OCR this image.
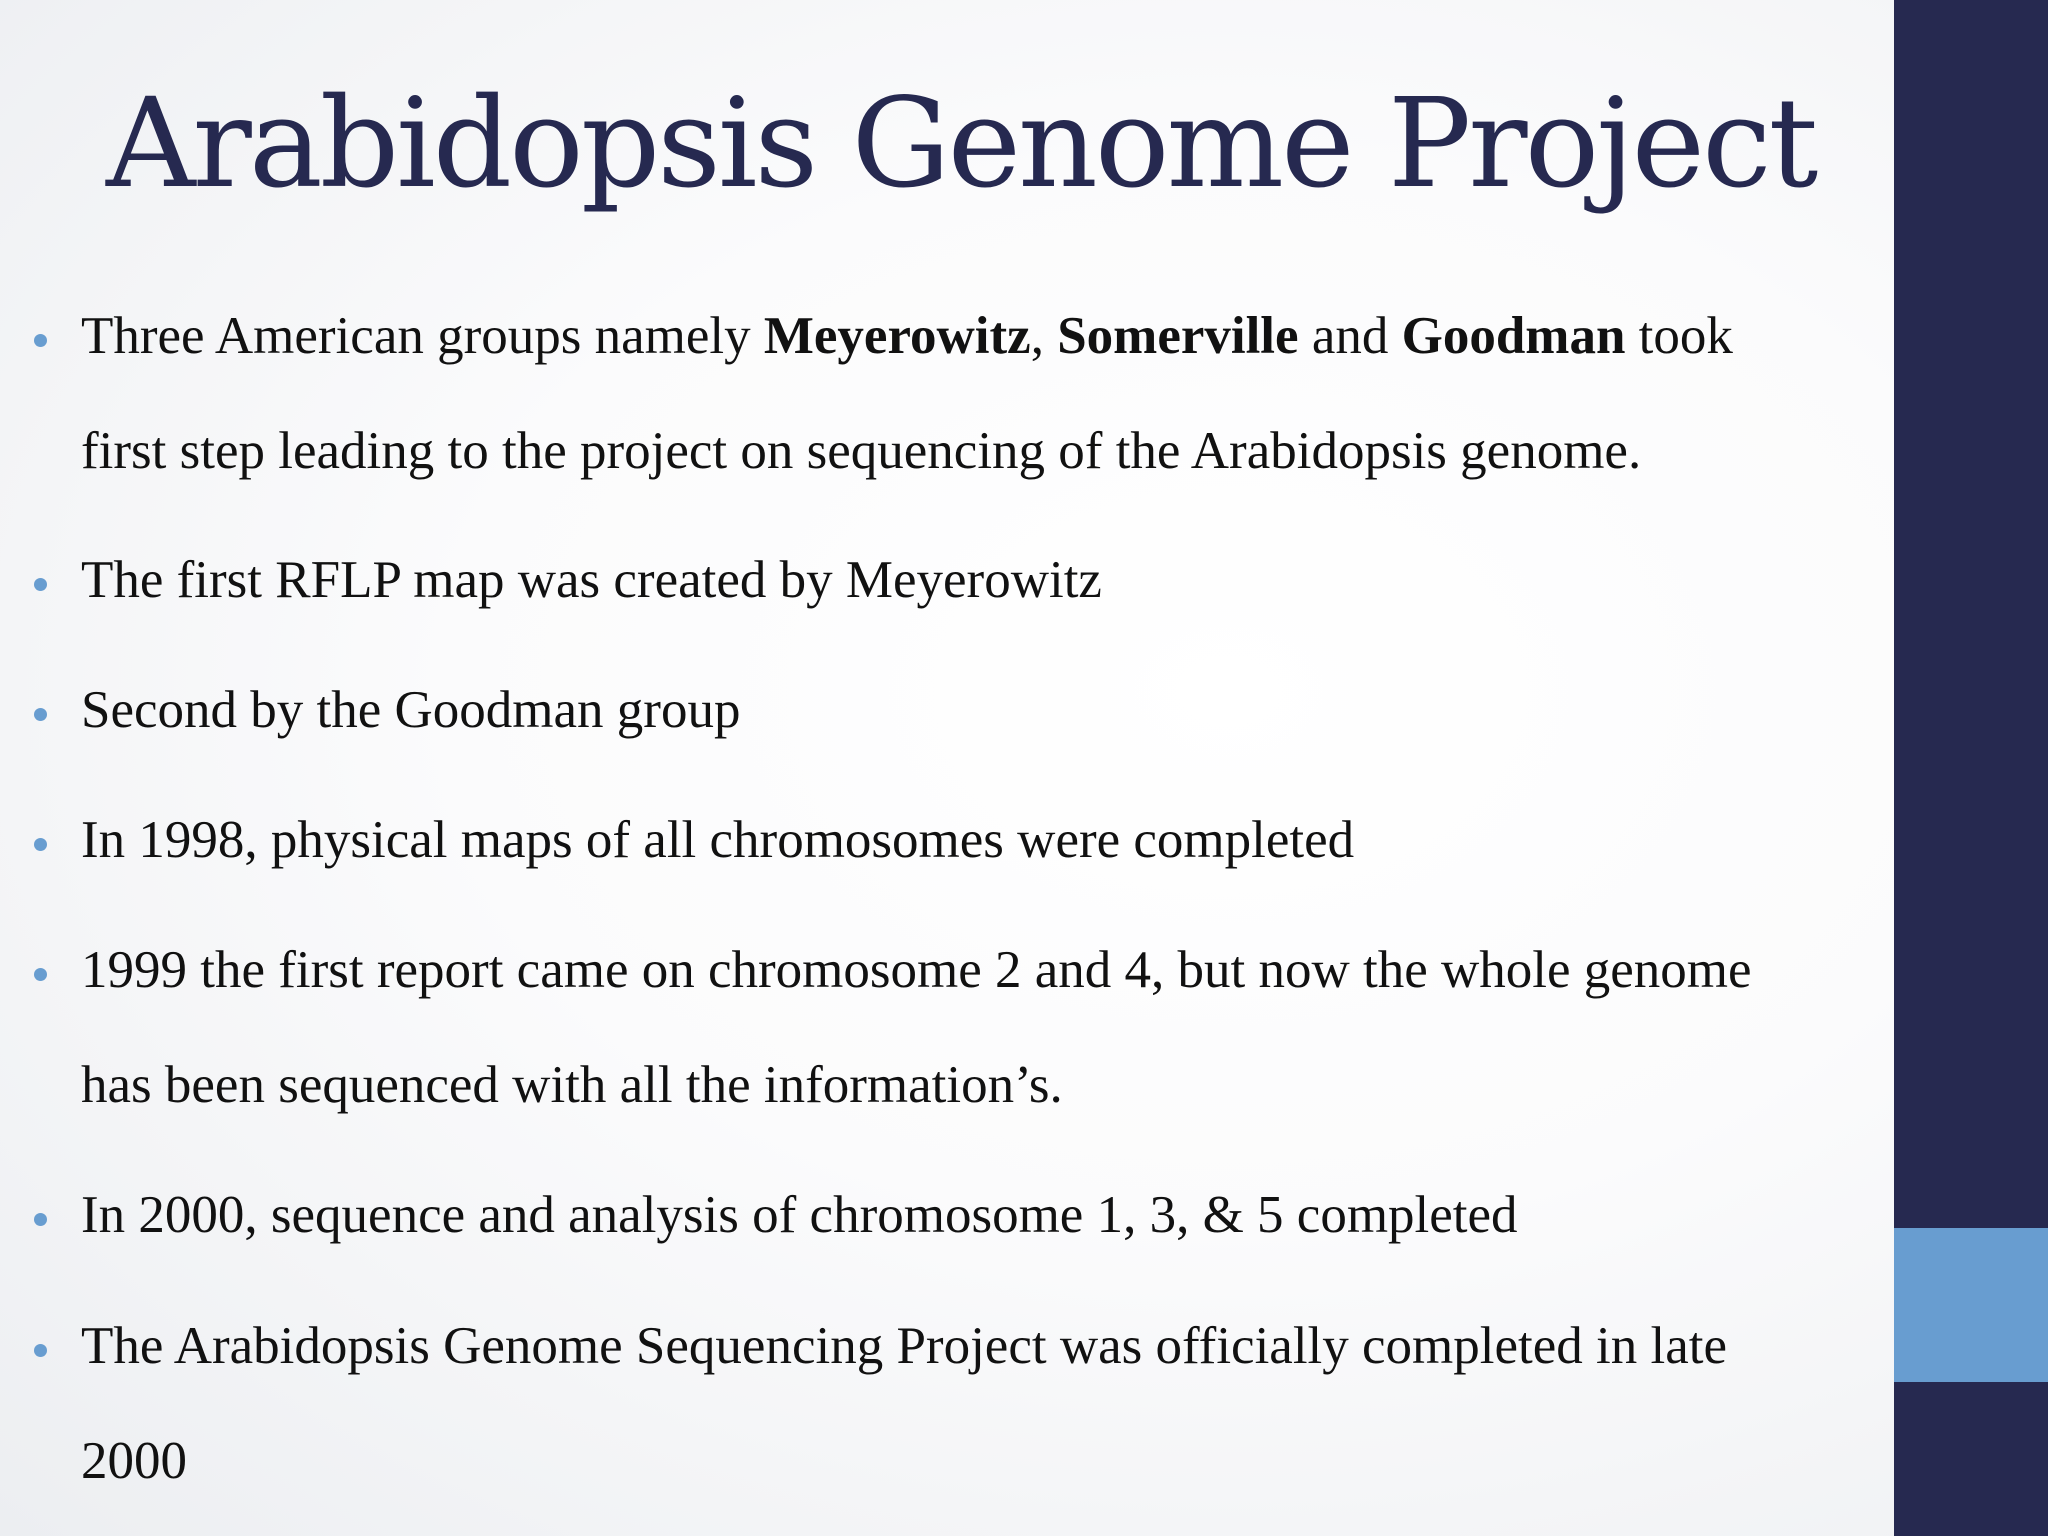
Arabidopsis Genome Project
Three American groups namely Meyerowitz, Somerville and Goodman took
first step leading to the project on sequencing of the Arabidopsis genome.
The first RFLP map was created by Meyerowitz
Second by the Goodman group
In 1998, physical maps of all chromosomes were completed
1999 the first report came on chromosome 2 and 4, but now the whole genome
has been sequenced with all the information’s.
In 2000, sequence and analysis of chromosome 1, 3, & 5 completed
The Arabidopsis Genome Sequencing Project was officially completed in late
2000
